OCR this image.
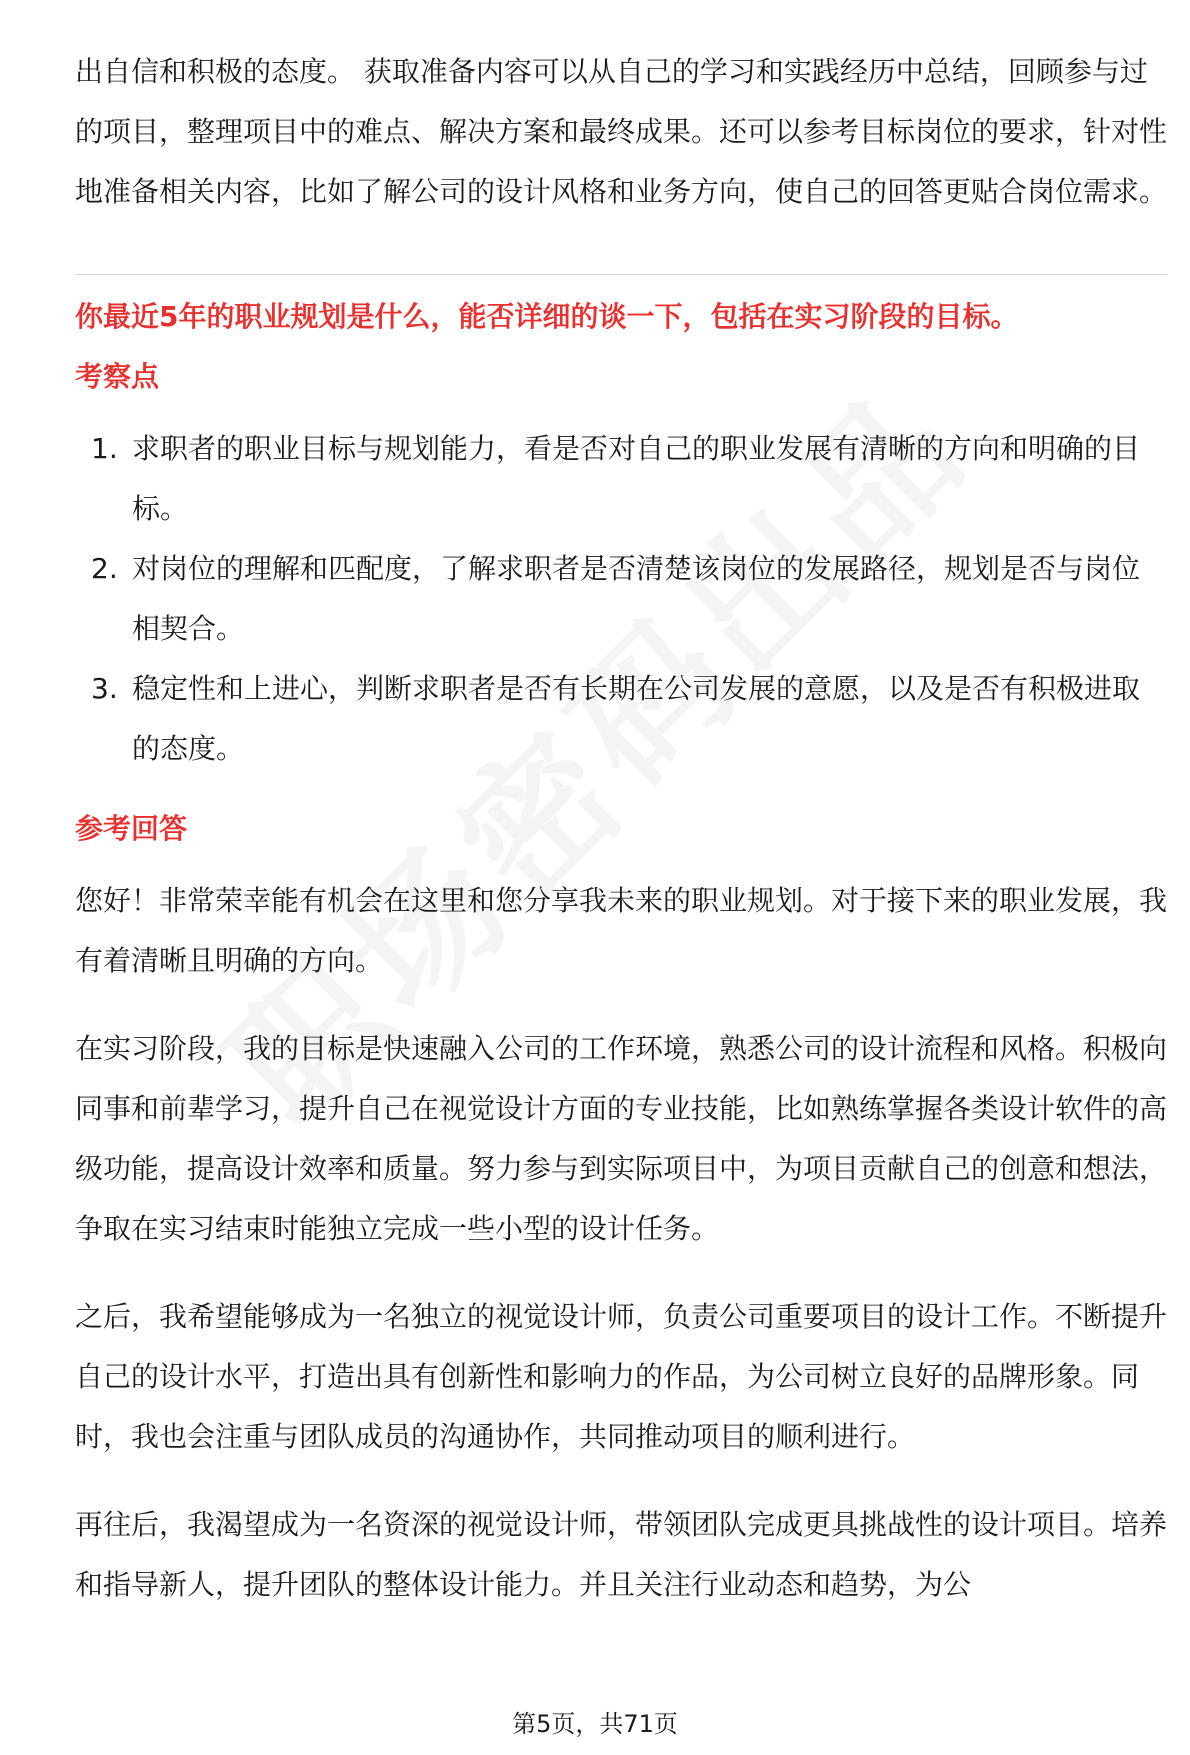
出自信和积极的态度。 获取准备内容可以从自己的学习和实践经历中总结，回顾参与过的项目，整理项目中的难点、解决方案和最终成果。还可以参考目标岗位的要求，针对性地准备相关内容，比如了解公司的设计风格和业务方向，使自己的回答更贴合岗位需求。

你最近5年的职业规划是什么，能否详细的谈一下，包括在实习阶段的目标。

考察点

1. 求职者的职业目标与规划能力，看是否对自己的职业发展有清晰的方向和明确的目标。
2. 对岗位的理解和匹配度，了解求职者是否清楚该岗位的发展路径，规划是否与岗位相契合。
3. 稳定性和上进心，判断求职者是否有长期在公司发展的意愿，以及是否有积极进取的态度。

参考回答

您好！非常荣幸能有机会在这里和您分享我未来的职业规划。对于接下来的职业发展，我有着清晰且明确的方向。

在实习阶段，我的目标是快速融入公司的工作环境，熟悉公司的设计流程和风格。积极向同事和前辈学习，提升自己在视觉设计方面的专业技能，比如熟练掌握各类设计软件的高级功能，提高设计效率和质量。努力参与到实际项目中，为项目贡献自己的创意和想法，争取在实习结束时能独立完成一些小型的设计任务。

之后，我希望能够成为一名独立的视觉设计师，负责公司重要项目的设计工作。不断提升自己的设计水平，打造出具有创新性和影响力的作品，为公司树立良好的品牌形象。同时，我也会注重与团队成员的沟通协作，共同推动项目的顺利进行。

再往后，我渴望成为一名资深的视觉设计师，带领团队完成更具挑战性的设计项目。培养和指导新人，提升团队的整体设计能力。并且关注行业动态和趋势，为公

第5页，共71页
